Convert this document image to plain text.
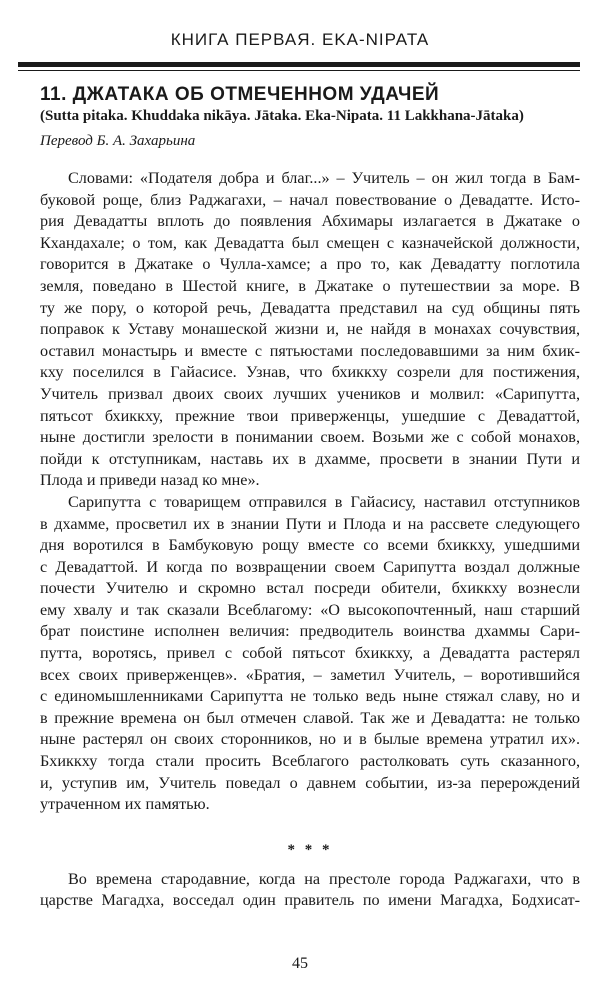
КНИГА ПЕРВАЯ. EKA-NIPATA
11. ДЖАТАКА ОБ ОТМЕЧЕННОМ УДАЧЕЙ
(Sutta pitaka. Khuddaka nikāya. Jātaka. Eka-Nipata. 11 Lakkhana-Jātaka)
Перевод Б. А. Захарьина
Словами: «Подателя добра и благ...» – Учитель – он жил тогда в Бам-
буковой роще, близ Раджагахи, – начал повествование о Девадатте. Исто-
рия Девадатты вплоть до появления Абхимары излагается в Джатаке о
Кхандахале; о том, как Девадатта был смещен с казначейской должности,
говорится в Джатаке о Чулла-хамсе; а про то, как Девадатту поглотила
земля, поведано в Шестой книге, в Джатаке о путешествии за море. В
ту же пору, о которой речь, Девадатта представил на суд общины пять
поправок к Уставу монашеской жизни и, не найдя в монахах сочувствия,
оставил монастырь и вместе с пятьюстами последовавшими за ним бхик-
кху поселился в Гайасисе. Узнав, что бхиккху созрели для постижения,
Учитель призвал двоих своих лучших учеников и молвил: «Сарипутта,
пятьсот бхиккху, прежние твои приверженцы, ушедшие с Девадаттой,
ныне достигли зрелости в понимании своем. Возьми же с собой монахов,
пойди к отступникам, наставь их в дхамме, просвети в знании Пути и
Плода и приведи назад ко мне».
Сарипутта с товарищем отправился в Гайасису, наставил отступников
в дхамме, просветил их в знании Пути и Плода и на рассвете следующего
дня воротился в Бамбуковую рощу вместе со всеми бхиккху, ушедшими
с Девадаттой. И когда по возвращении своем Сарипутта воздал должные
почести Учителю и скромно встал посреди обители, бхиккху вознесли
ему хвалу и так сказали Всеблагому: «О высокопочтенный, наш старший
брат поистине исполнен величия: предводитель воинства дхаммы Сари-
путта, воротясь, привел с собой пятьсот бхиккху, а Девадатта растерял
всех своих приверженцев». «Братия, – заметил Учитель, – воротившийся
с единомышленниками Сарипутта не только ведь ныне стяжал славу, но и
в прежние времена он был отмечен славой. Так же и Девадатта: не только
ныне растерял он своих сторонников, но и в былые времена утратил их».
Бхиккху тогда стали просить Всеблагого растолковать суть сказанного,
и, уступив им, Учитель поведал о давнем событии, из-за перерождений
утраченном их памятью.
* * *
Во времена стародавние, когда на престоле города Раджагахи, что в
царстве Магадха, восседал один правитель по имени Магадха, Бодхисат-
45
